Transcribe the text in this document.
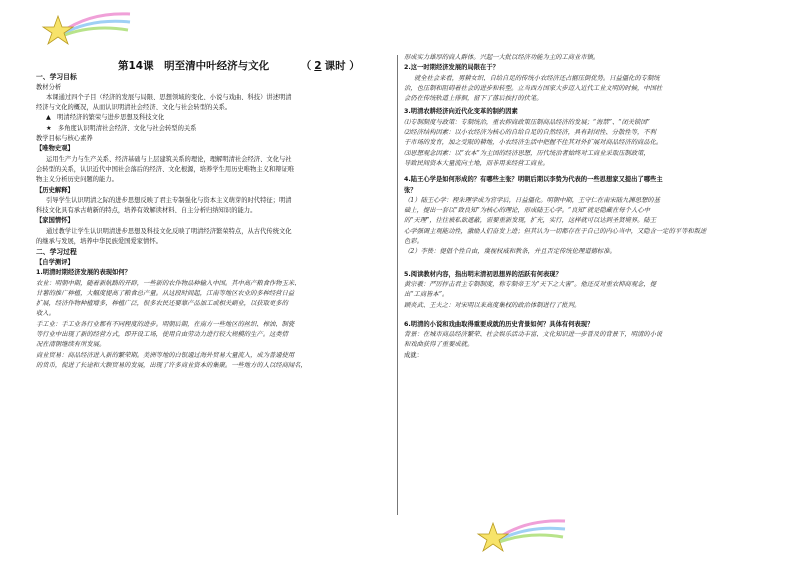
第14课　明至清中叶经济与文化	（ 2 课时 ）
一、学习目标
教材分析
本课通过四个子目（经济的发展与局限、思想领域的变化、小说与戏曲、科技）讲述明清
经济与文化的概况，从而认识明清社会经济、文化与社会转型的关系。
▲　明清经济的繁荣与进步思想及科技文化
★　多角度认识明清社会经济、文化与社会转型的关系
教学目标与核心素养
【唯物史观】
运用生产力与生产关系、经济基础与上层建筑关系的理论，理解明清社会经济、文化与社
会转型的关系，认识近代中国社会落后的经济、文化根源，培养学生用历史唯物主义和辩证唯
物主义分析历史问题的能力。
【历史解释】
引导学生认识明清之际的进步思想反映了君主专制强化与资本主义萌芽的时代特征；明清
科技文化具有承古萌新的特点，培养有效解读材料、自主分析归纳知识的能力。
【家国情怀】
通过教学让学生认识明清进步思想及科技文化反映了明清经济繁荣特点，从古代传统文化
的继承与发展，培养中华民族爱国爱家情怀。
二、学习过程
【自学测评】
1.明清时期经济发展的表现如何？
农业：明朝中期，随着新航路的开辟，一些新的农作物品种输入中国。其中高产粮食作物玉米、
甘薯的推广种植，大幅度提高了粮食总产量。从这段时间起，江南等地区农业的多种经营日益
扩展，经济作物种植增多，种植广泛，很多农民还要靠产品加工或相关副业，以获取更多的
收入。
手工业：手工业各行业都有不同程度的进步。明朝后期，在南方一些地区的丝织、榨油、制瓷
等行业中出现了新的经营方式，即开设工场，使用自由劳动力进行较大规模的生产。这类情
况在清朝继续有所发展。
商业贸易：商品经济进入新的繁荣期。美洲等地的白银通过海外贸易大量流入，成为普通使用
的货币，促进了长途和大额贸易的发展，出现了许多商业资本的集聚。一些地方的人以经商闻名，
形成实力雄厚的商人群体。兴起一大批以经济功能为主的工商业市镇。
2.这一时期经济发展的局限在于？
就全社会来看，男耕女织、自给自足的传统小农经济还占据压倒优势。日益僵化的专制统
治，也压制和阻碍着社会的进步和转型。立当西方国家大步迈入近代工业文明的时候，中国社
会仍在传统轨道上徘徊，留下了落后挨打的伏笔。
3.明清农耕经济向近代化变革的制约因素
⑴专制制度与政策：专制统治，重农抑商政策压制商品经济的发展；“海禁”、“闭关锁国”
⑵经济结构因素：以小农经济为核心的自给自足的自然经济，具有封闭性、分散性等，不利
于市场的发育，加之受限的耕地，小农经济生活中把握不住其对外扩展对商品经济的商品化。
⑶思想观念因素：以“农本”为主国的经济思想，历代统治者始终对工商业采取压制政策，
导致民间资本大量流向土地，而非用来经营工商业。
4.陆王心学是如何形成的？有哪些主张？明朝后期以李贽为代表的一些思想家又提出了哪些主
张？
（1）陆王心学：程朱理学成为官学后，日益僵化。明朝中期，王守仁在南宋陆九渊思想的基
础上，提出一套以“致良知”为核心的理论，形成陆王心学。“良知”就是隐藏在每个人心中
的“天理”，往往被私欲遮蔽，需要重新发现，扩充，实行，这样就可以达到圣贤境界。陆王
心学强调主观能动性，激励人们奋发上进；但其认为一切都存在于自己的内心当中，又隐含一定的平等和叛逆
色彩。
（2）李贽：提倡个性自由，蔑视权威和教条，并且否定传统伦理道德标准。
5.阅读教材内容，指出明末清初思想界的活跃有何表现？
黄宗羲：严厉抨击君主专制制度，称专制帝王为“天下之大害”。他还反对重农抑商观念，提
出“工商皆本”。
顾炎武、王夫之：对宋明以来高度集权的政治体制进行了批判。
6.明清的小说和戏曲取得重要成就的历史背景如何？具体有何表现？
背景：在城市商品经济繁荣、社会娱乐活动丰富、文化知识进一步普及的背景下，明清的小说
和戏曲获得了重要成就。
成就：
